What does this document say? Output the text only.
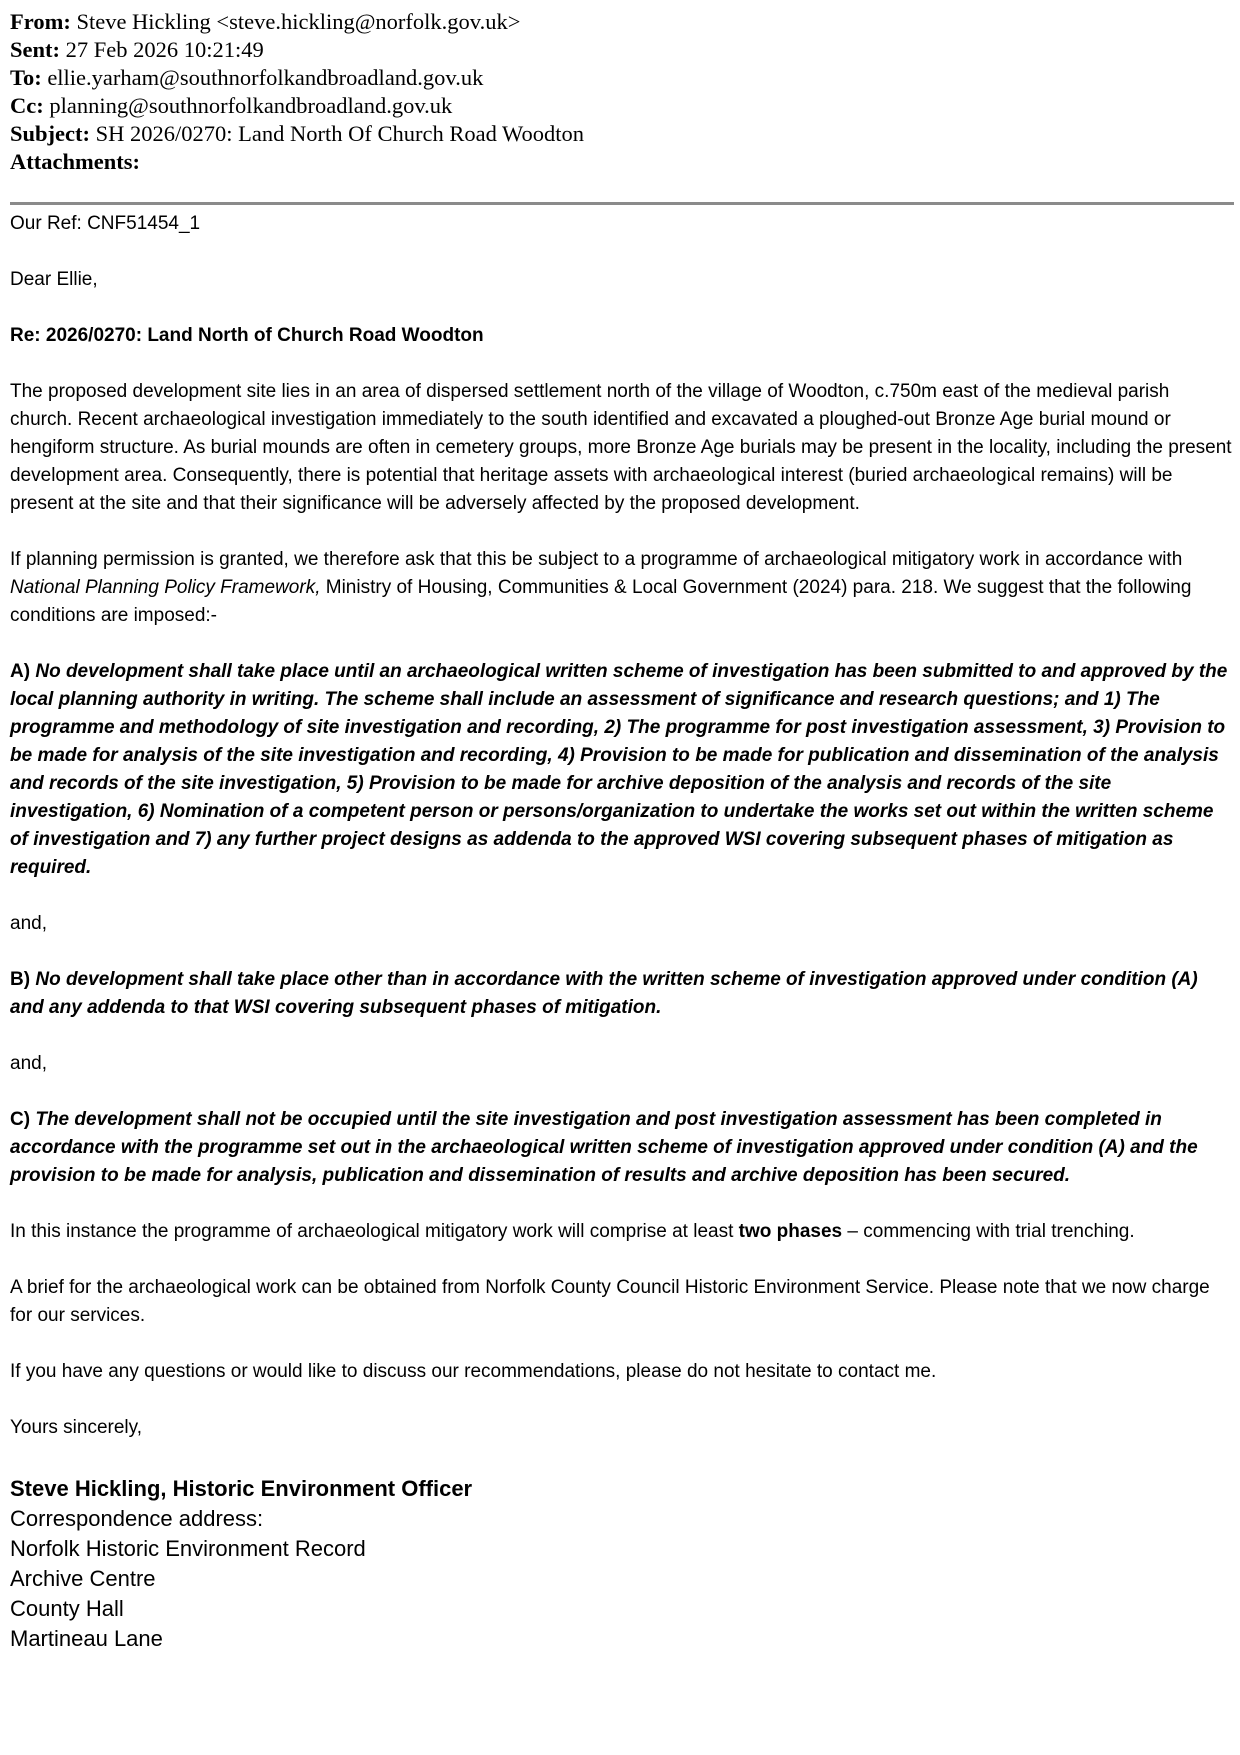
From: Steve Hickling <steve.hickling@norfolk.gov.uk>
Sent: 27 Feb 2026 10:21:49
To: ellie.yarham@southnorfolkandbroadland.gov.uk
Cc: planning@southnorfolkandbroadland.gov.uk
Subject: SH 2026/0270: Land North Of Church Road Woodton
Attachments:

Our Ref: CNF51454_1

Dear Ellie,

Re: 2026/0270: Land North of Church Road Woodton

The proposed development site lies in an area of dispersed settlement north of the village of Woodton, c.750m east of the medieval parish church. Recent archaeological investigation immediately to the south identified and excavated a ploughed-out Bronze Age burial mound or hengiform structure. As burial mounds are often in cemetery groups, more Bronze Age burials may be present in the locality, including the present development area. Consequently, there is potential that heritage assets with archaeological interest (buried archaeological remains) will be present at the site and that their significance will be adversely affected by the proposed development.

If planning permission is granted, we therefore ask that this be subject to a programme of archaeological mitigatory work in accordance with National Planning Policy Framework, Ministry of Housing, Communities & Local Government (2024) para. 218. We suggest that the following conditions are imposed:-

A) No development shall take place until an archaeological written scheme of investigation has been submitted to and approved by the local planning authority in writing. The scheme shall include an assessment of significance and research questions; and 1) The programme and methodology of site investigation and recording, 2) The programme for post investigation assessment, 3) Provision to be made for analysis of the site investigation and recording, 4) Provision to be made for publication and dissemination of the analysis and records of the site investigation, 5) Provision to be made for archive deposition of the analysis and records of the site investigation, 6) Nomination of a competent person or persons/organization to undertake the works set out within the written scheme of investigation and 7) any further project designs as addenda to the approved WSI covering subsequent phases of mitigation as required.

and,

B) No development shall take place other than in accordance with the written scheme of investigation approved under condition (A) and any addenda to that WSI covering subsequent phases of mitigation.

and,

C) The development shall not be occupied until the site investigation and post investigation assessment has been completed in accordance with the programme set out in the archaeological written scheme of investigation approved under condition (A) and the provision to be made for analysis, publication and dissemination of results and archive deposition has been secured.

In this instance the programme of archaeological mitigatory work will comprise at least two phases – commencing with trial trenching.

A brief for the archaeological work can be obtained from Norfolk County Council Historic Environment Service. Please note that we now charge for our services.

If you have any questions or would like to discuss our recommendations, please do not hesitate to contact me.

Yours sincerely,

Steve Hickling, Historic Environment Officer
Correspondence address:
Norfolk Historic Environment Record
Archive Centre
County Hall
Martineau Lane
